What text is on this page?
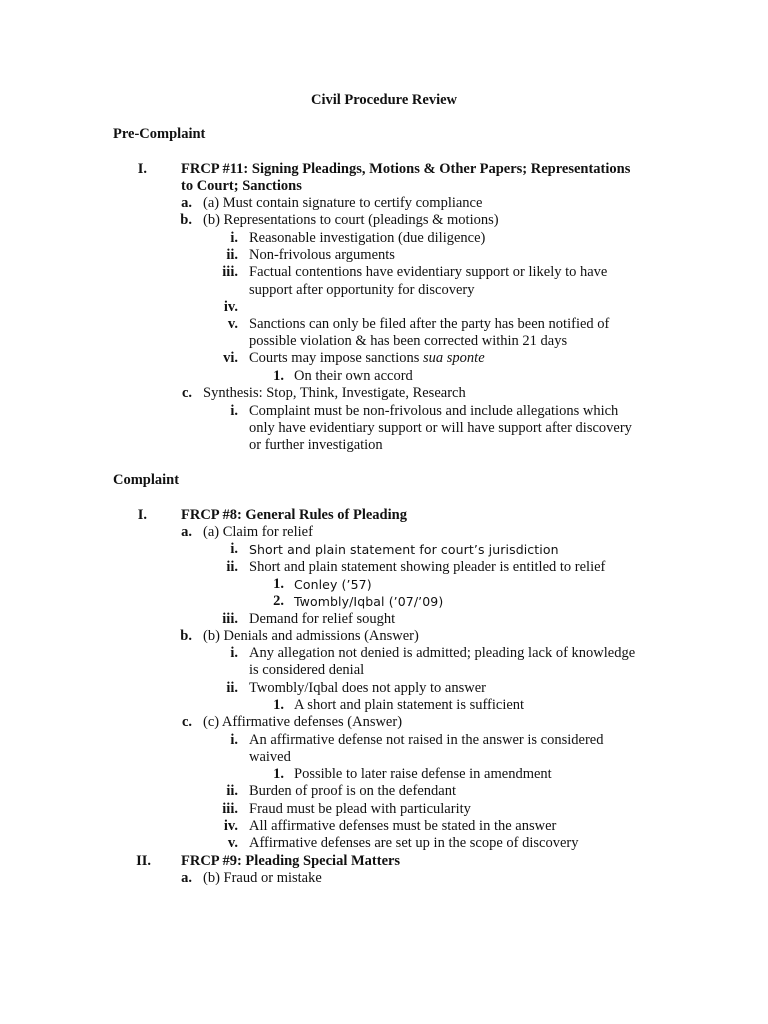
Civil Procedure Review
Pre-Complaint
I. FRCP #11: Signing Pleadings, Motions & Other Papers; Representations
to Court; Sanctions
a. (a) Must contain signature to certify compliance
b. (b) Representations to court (pleadings & motions)
i. Reasonable investigation (due diligence)
ii. Non-frivolous arguments
iii. Factual contentions have evidentiary support or likely to have
support after opportunity for discovery
iv.
v. Sanctions can only be filed after the party has been notified of
possible violation & has been corrected within 21 days
vi. Courts may impose sanctions sua sponte
1. On their own accord
c. Synthesis: Stop, Think, Investigate, Research
i. Complaint must be non-frivolous and include allegations which
only have evidentiary support or will have support after discovery
or further investigation
Complaint
I. FRCP #8: General Rules of Pleading
a. (a) Claim for relief
i. Short and plain statement for court’s jurisdiction
ii. Short and plain statement showing pleader is entitled to relief
1. Conley (’57)
2. Twombly/Iqbal (’07/’09)
iii. Demand for relief sought
b. (b) Denials and admissions (Answer)
i. Any allegation not denied is admitted; pleading lack of knowledge
is considered denial
ii. Twombly/Iqbal does not apply to answer
1. A short and plain statement is sufficient
c. (c) Affirmative defenses (Answer)
i. An affirmative defense not raised in the answer is considered
waived
1. Possible to later raise defense in amendment
ii. Burden of proof is on the defendant
iii. Fraud must be plead with particularity
iv. All affirmative defenses must be stated in the answer
v. Affirmative defenses are set up in the scope of discovery
II. FRCP #9: Pleading Special Matters
a. (b) Fraud or mistake
